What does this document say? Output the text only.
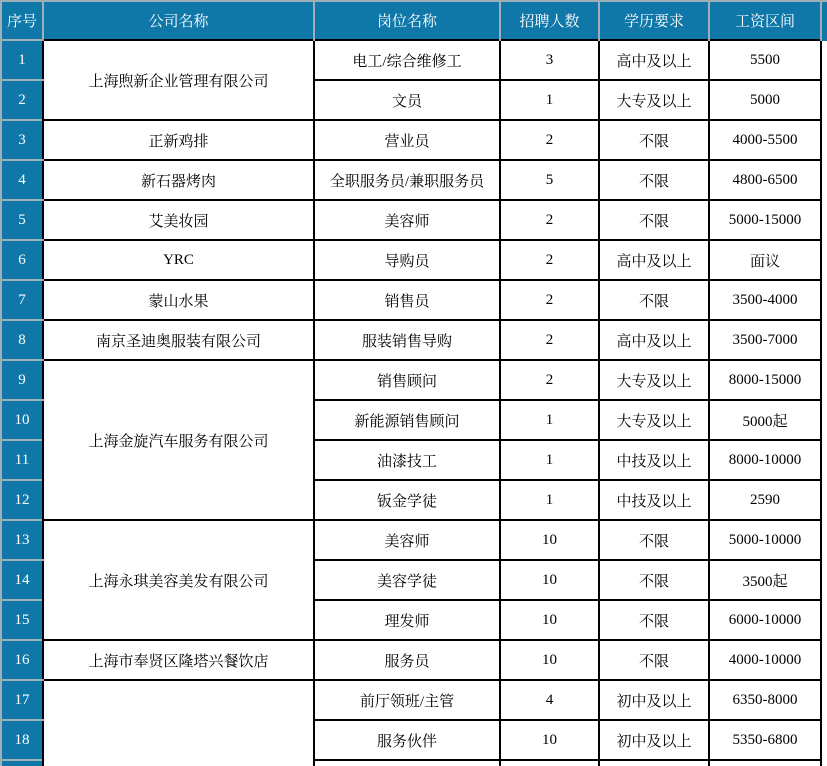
序号	公司名称	岗位名称	招聘人数	学历要求	工资区间
1	上海煦新企业管理有限公司	电工/综合维修工	3	高中及以上	5500
2		文员	1	大专及以上	5000
3	正新鸡排	营业员	2	不限	4000-5500
4	新石器烤肉	全职服务员/兼职服务员	5	不限	4800-6500
5	艾美妆园	美容师	2	不限	5000-15000
6	YRC	导购员	2	高中及以上	面议
7	蒙山水果	销售员	2	不限	3500-4000
8	南京圣迪奥服装有限公司	服装销售导购	2	高中及以上	3500-7000
9	上海金旋汽车服务有限公司	销售顾问	2	大专及以上	8000-15000
10		新能源销售顾问	1	大专及以上	5000起
11		油漆技工	1	中技及以上	8000-10000
12		钣金学徒	1	中技及以上	2590
13	上海永琪美容美发有限公司	美容师	10	不限	5000-10000
14		美容学徒	10	不限	3500起
15		理发师	10	不限	6000-10000
16	上海市奉贤区隆塔兴餐饮店	服务员	10	不限	4000-10000
17		前厅领班/主管	4	初中及以上	6350-8000
18		服务伙伴	10	初中及以上	5350-6800
